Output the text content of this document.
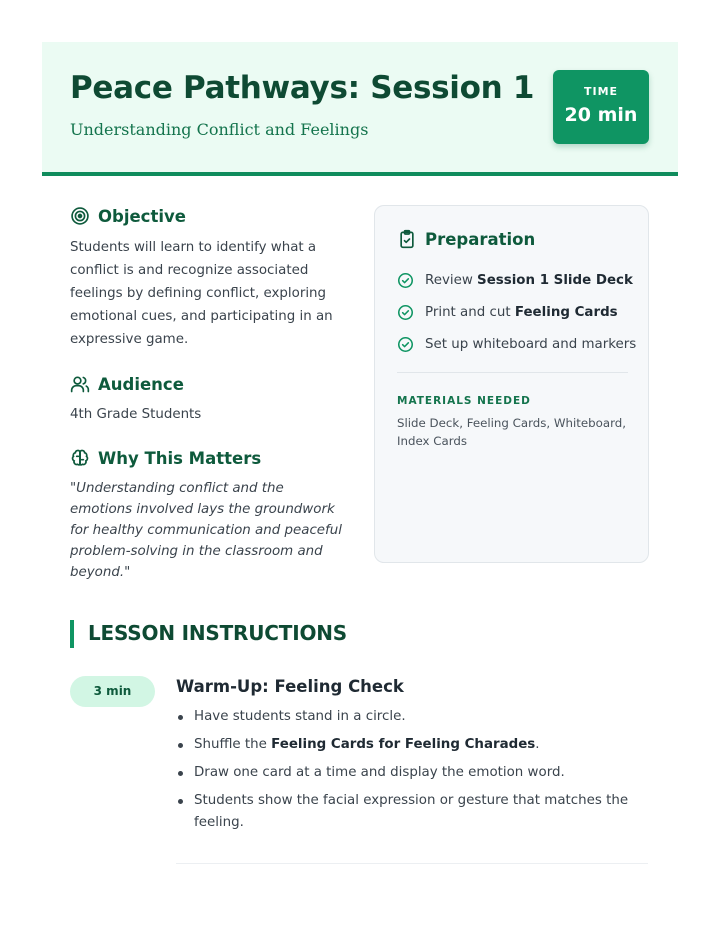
Peace Pathways: Session 1
Understanding Conflict and Feelings
TIME
20 min
Objective
Students will learn to identify what a conflict is and recognize associated feelings by defining conflict, exploring emotional cues, and participating in an expressive game.
Audience
4th Grade Students
Why This Matters
"Understanding conflict and the emotions involved lays the groundwork for healthy communication and peaceful problem-solving in the classroom and beyond."
Preparation
Review Session 1 Slide Deck
Print and cut Feeling Cards
Set up whiteboard and markers
MATERIALS NEEDED
Slide Deck, Feeling Cards, Whiteboard, Index Cards
LESSON INSTRUCTIONS
3 min	Warm-Up: Feeling Check
Have students stand in a circle.
Shuffle the Feeling Cards for Feeling Charades.
Draw one card at a time and display the emotion word.
Students show the facial expression or gesture that matches the feeling.
